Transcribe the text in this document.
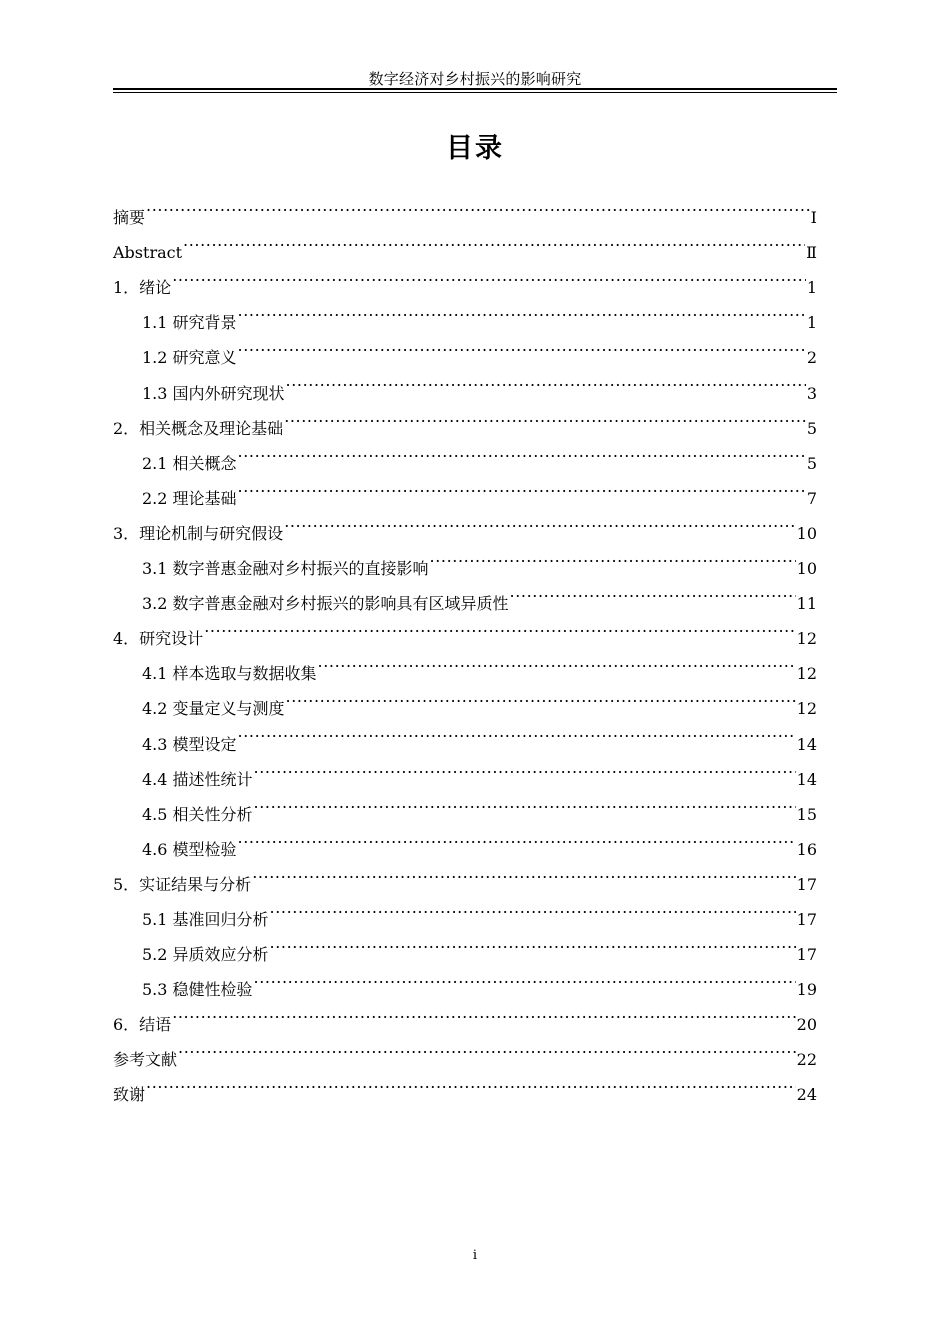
数字经济对乡村振兴的影响研究
目录
摘要 .....	Ⅰ
Abstract .....	Ⅱ
1．绪论 .....	1
1.1 研究背景 .....	1
1.2 研究意义 .....	2
1.3 国内外研究现状 .....	3
2．相关概念及理论基础 .....	5
2.1 相关概念 .....	5
2.2 理论基础 .....	7
3．理论机制与研究假设 .....	10
3.1 数字普惠金融对乡村振兴的直接影响 .....	10
3.2 数字普惠金融对乡村振兴的影响具有区域异质性 .....	11
4．研究设计 .....	12
4.1 样本选取与数据收集 .....	12
4.2 变量定义与测度 .....	12
4.3 模型设定 .....	14
4.4 描述性统计 .....	14
4.5 相关性分析 .....	15
4.6 模型检验 .....	16
5．实证结果与分析 .....	17
5.1 基准回归分析 .....	17
5.2 异质效应分析 .....	17
5.3 稳健性检验 .....	19
6．结语 .....	20
参考文献 .....	22
致谢 .....	24
i
